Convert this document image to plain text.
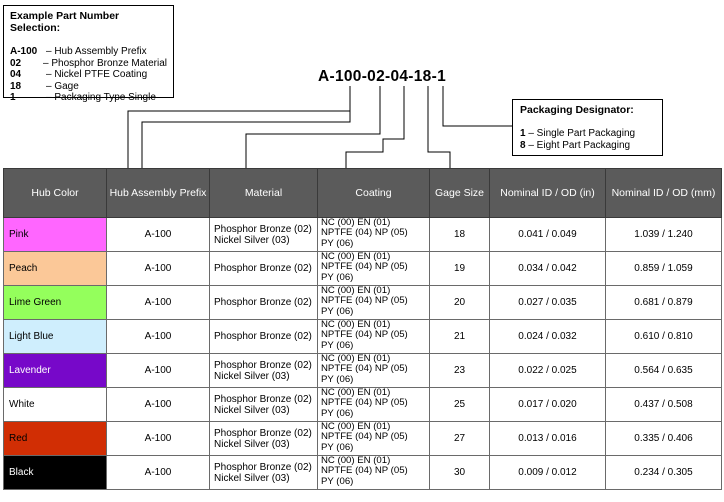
Example Part Number Selection:
A-100 – Hub Assembly Prefix
02	– Phosphor Bronze Material
04	– Nickel PTFE Coating
18	– Gage
1	– Packaging Type Single
A-100-02-04-18-1
Packaging Designator:
1 – Single Part Packaging
8 – Eight Part Packaging
Hub Color	Hub Assembly Prefix	Material	Coating	Gage Size	Nominal ID / OD (in)	Nominal ID / OD (mm)
Pink	A-100	Phosphor Bronze (02)
Nickel Silver (03)	NC (00) EN (01)
NPTFE (04) NP (05)
PY (06)	18	0.041 / 0.049	1.039 / 1.240
Peach	A-100	Phosphor Bronze (02)	NC (00) EN (01)
NPTFE (04) NP (05)
PY (06)	19	0.034 / 0.042	0.859 / 1.059
Lime Green	A-100	Phosphor Bronze (02)	NC (00) EN (01)
NPTFE (04) NP (05)
PY (06)	20	0.027 / 0.035	0.681 / 0.879
Light Blue	A-100	Phosphor Bronze (02)	NC (00) EN (01)
NPTFE (04) NP (05)
PY (06)	21	0.024 / 0.032	0.610 / 0.810
Lavender	A-100	Phosphor Bronze (02)
Nickel Silver (03)	NC (00) EN (01)
NPTFE (04) NP (05)
PY (06)	23	0.022 / 0.025	0.564 / 0.635
White	A-100	Phosphor Bronze (02)
Nickel Silver (03)	NC (00) EN (01)
NPTFE (04) NP (05)
PY (06)	25	0.017 / 0.020	0.437 / 0.508
Red	A-100	Phosphor Bronze (02)
Nickel Silver (03)	NC (00) EN (01)
NPTFE (04) NP (05)
PY (06)	27	0.013 / 0.016	0.335 / 0.406
Black	A-100	Phosphor Bronze (02)
Nickel Silver (03)	NC (00) EN (01)
NPTFE (04) NP (05)
PY (06)	30	0.009 / 0.012	0.234 / 0.305
